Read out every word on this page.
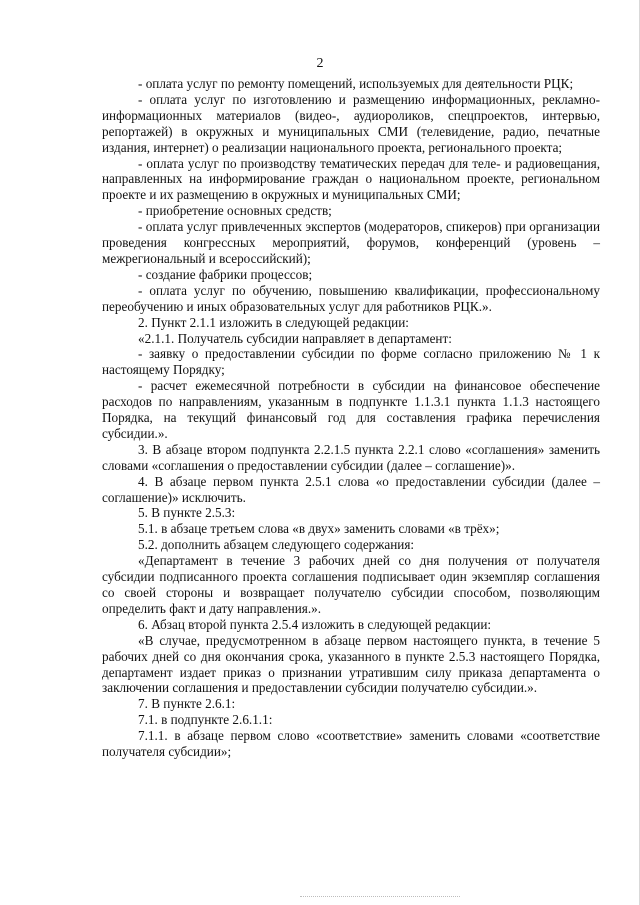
2

- оплата услуг по ремонту помещений, используемых для деятельности РЦК;

- оплата услуг по изготовлению и размещению информационных, рекламно-информационных материалов (видео-, аудиороликов, спецпроектов, интервью, репортажей) в окружных и муниципальных СМИ (телевидение, радио, печатные издания, интернет) о реализации национального проекта, регионального проекта;

- оплата услуг по производству тематических передач для теле- и радиовещания, направленных на информирование граждан о национальном проекте, региональном проекте и их размещению в окружных и муниципальных СМИ;

- приобретение основных средств;

- оплата услуг привлеченных экспертов (модераторов, спикеров) при организации проведения конгрессных мероприятий, форумов, конференций (уровень – межрегиональный и всероссийский);

- создание фабрики процессов;

- оплата услуг по обучению, повышению квалификации, профессиональному переобучению и иных образовательных услуг для работников РЦК.».

2. Пункт 2.1.1 изложить в следующей редакции:

«2.1.1. Получатель субсидии направляет в департамент:

- заявку о предоставлении субсидии по форме согласно приложению № 1 к настоящему Порядку;

- расчет ежемесячной потребности в субсидии на финансовое обеспечение расходов по направлениям, указанным в подпункте 1.1.3.1 пункта 1.1.3 настоящего Порядка, на текущий финансовый год для составления графика перечисления субсидии.».

3. В абзаце втором подпункта 2.2.1.5 пункта 2.2.1 слово «соглашения» заменить словами «соглашения о предоставлении субсидии (далее – соглашение)».

4. В абзаце первом пункта 2.5.1 слова «о предоставлении субсидии (далее – соглашение)» исключить.

5. В пункте 2.5.3:

5.1. в абзаце третьем слова «в двух» заменить словами «в трёх»;

5.2. дополнить абзацем следующего содержания:

«Департамент в течение 3 рабочих дней со дня получения от получателя субсидии подписанного проекта соглашения подписывает один экземпляр соглашения со своей стороны и возвращает получателю субсидии способом, позволяющим определить факт и дату направления.».

6. Абзац второй пункта 2.5.4 изложить в следующей редакции:

«В случае, предусмотренном в абзаце первом настоящего пункта, в течение 5 рабочих дней со дня окончания срока, указанного в пункте 2.5.3 настоящего Порядка, департамент издает приказ о признании утратившим силу приказа департамента о заключении соглашения и предоставлении субсидии получателю субсидии.».

7. В пункте 2.6.1:

7.1. в подпункте 2.6.1.1:

7.1.1. в абзаце первом слово «соответствие» заменить словами «соответствие получателя субсидии»;
